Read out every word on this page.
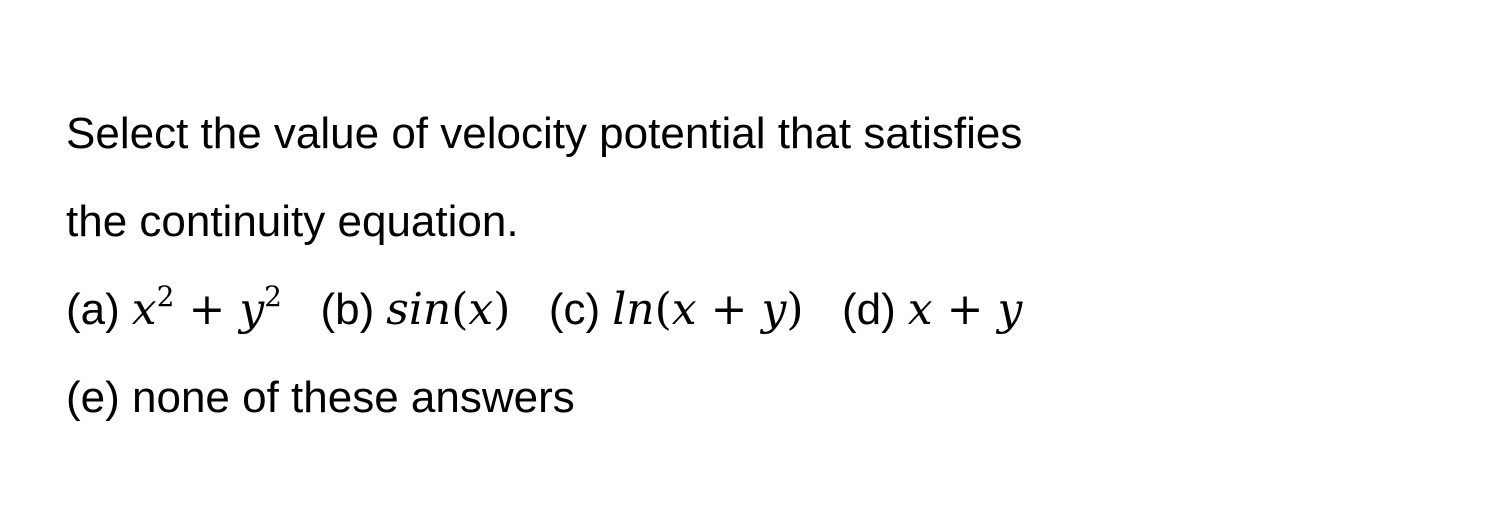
Select the value of velocity potential that satisfies
the continuity equation.
(a) $x^2 + y^2$ (b) sin(x) (c) ln(x + y) (d) x + y
(e) none of these answers
